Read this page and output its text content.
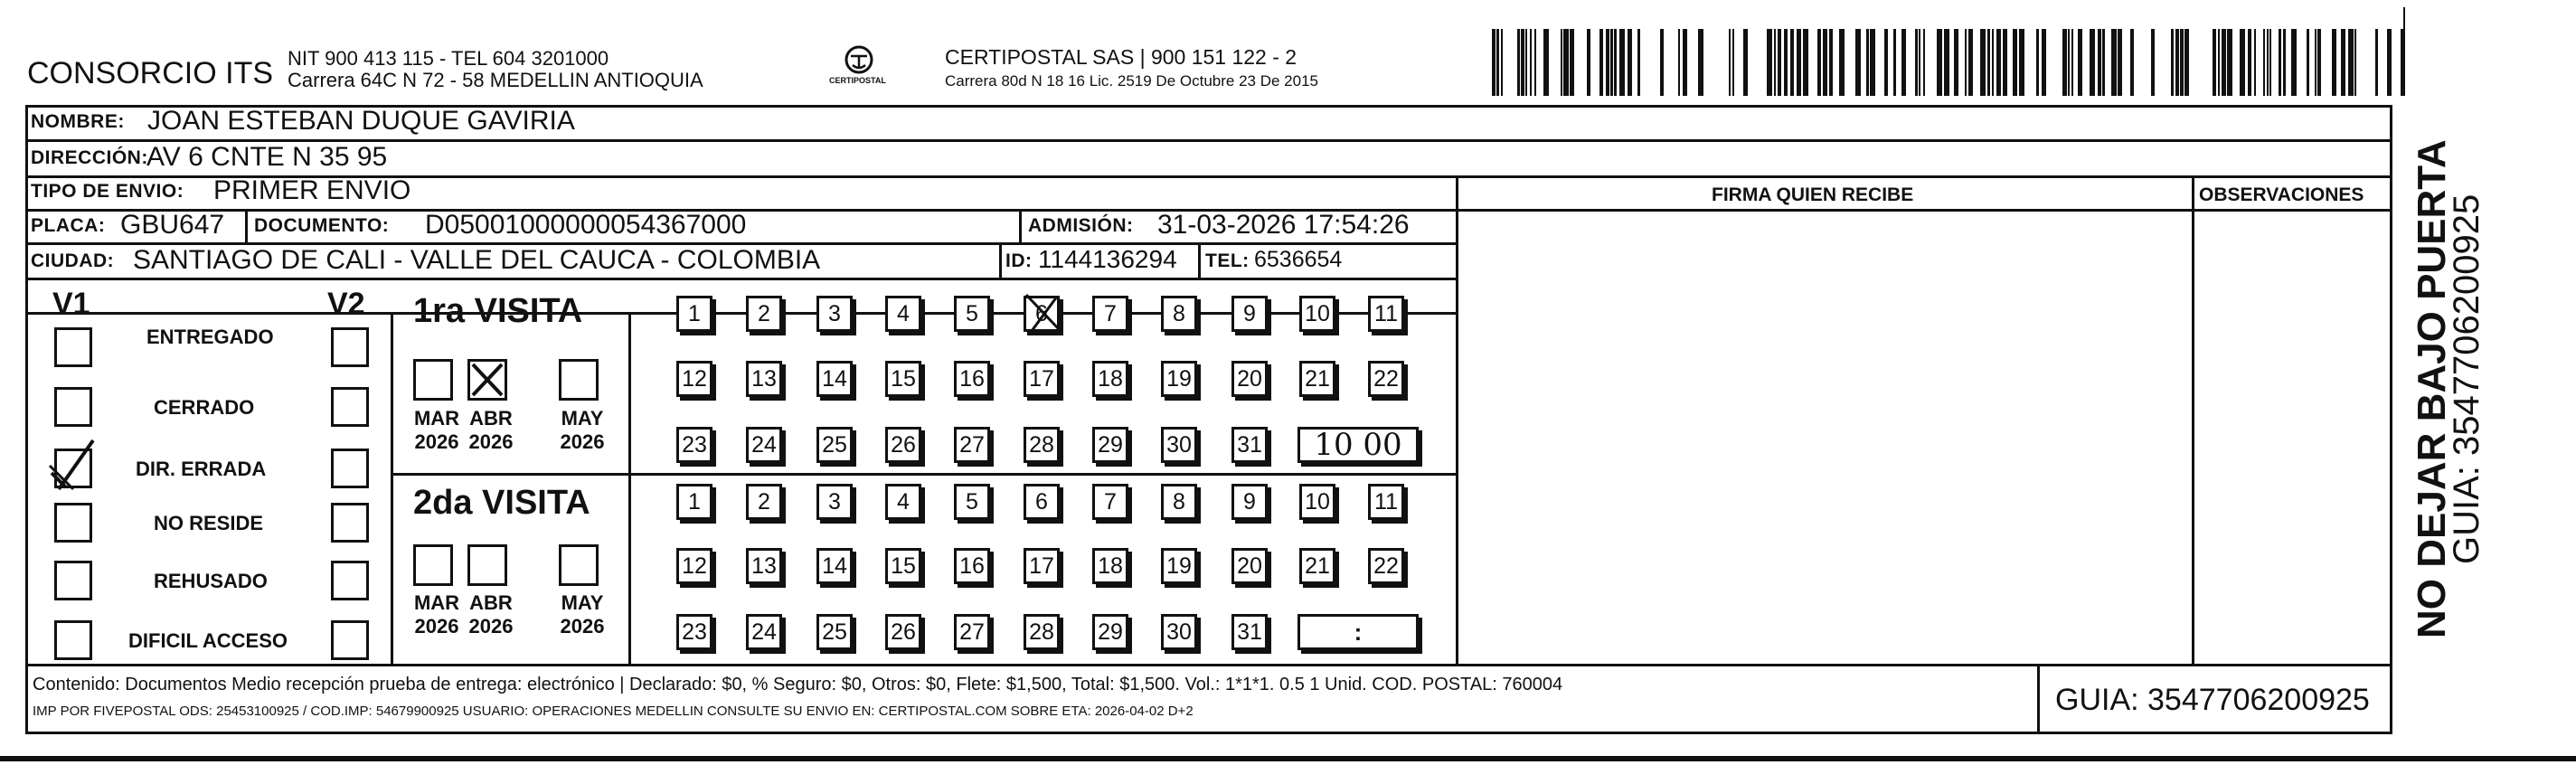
CONSORCIO ITS NIT 900 413 115 - TEL 604 3201000
Carrera 64C N 72 - 58 MEDELLIN ANTIOQUIA	CERTIPOSTAL
CERTIPOSTAL SAS | 900 151 122 - 2
Carrera 80d N 18 16 Lic. 2519 De Octubre 23 De 2015
NOMBRE: JOAN ESTEBAN DUQUE GAVIRIA
DIRECCIÓN:
AV 6 CNTE N 35 95
TIPO DE ENVIO: PRIMER ENVIO	FIRMA QUIEN RECIBE	OBSERVACIONES
PLACA: GBU647 DOCUMENTO: D05001000000054367000	ADMISIÓN: 31-03-2026 17:54:26
CIUDAD: SANTIAGO DE CALI - VALLE DEL CAUCA - COLOMBIA	ID: 1144136294 TEL: 6536654
V1	V2
ENTREGADO
CERRADO
DIR. ERRADA
NO RESIDE
REHUSADO
DIFICIL ACCESO
1ra VISITA
MAR
2026
ABR
2026
MAY
2026
1	2	3	4	5	6	7	8	9	10 11
12 13 14 15 16 17 18 19 20 21 22
23 24 25 26 27 28 29 30 31 10 00
2da VISITA
MAR
2026
ABR
2026
MAY
2026
1	2	3	4	5	6	7	8	9	10 11
12 13 14 15 16 17 18 19 20 21 22
23 24 25 26 27 28 29 30 31	:
Contenido: Documentos Medio recepción prueba de entrega: electrónico | Declarado: $0, % Seguro: $0, Otros: $0, Flete: $1,500, Total: $1,500. Vol.: 1*1*1. 0.5 1 Unid. COD. POSTAL: 760004
IMP POR FIVEPOSTAL ODS: 25453100925 / COD.IMP: 54679900925 USUARIO: OPERACIONES MEDELLIN CONSULTE SU ENVIO EN: CERTIPOSTAL.COM SOBRE ETA: 2026-04-02 D+2	GUIA: 3547706200925
NO DEJAR BAJO PUERTA
GUIA: 3547706200925
